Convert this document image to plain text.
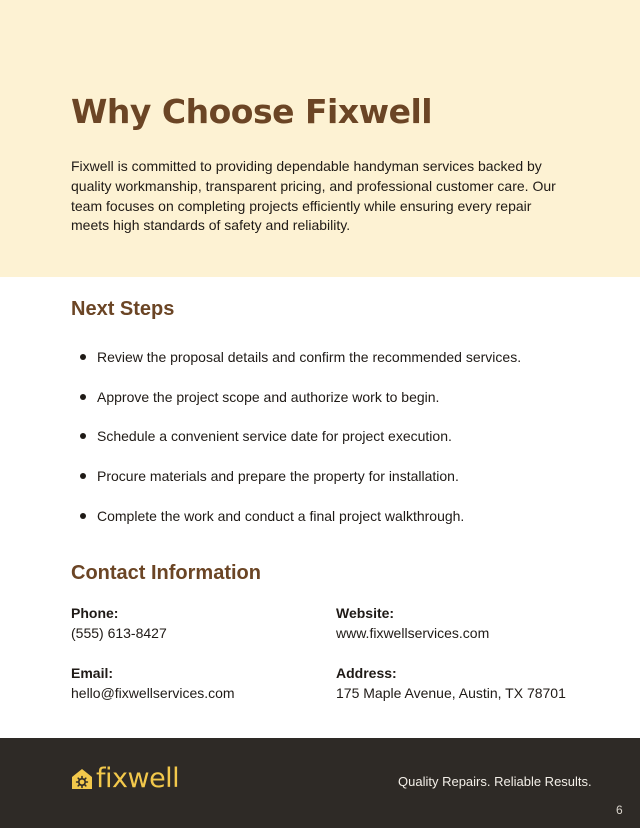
Why Choose Fixwell

Fixwell is committed to providing dependable handyman services backed by quality workmanship, transparent pricing, and professional customer care. Our team focuses on completing projects efficiently while ensuring every repair meets high standards of safety and reliability.

Next Steps
Review the proposal details and confirm the recommended services.
Approve the project scope and authorize work to begin.
Schedule a convenient service date for project execution.
Procure materials and prepare the property for installation.
Complete the work and conduct a final project walkthrough.
Contact Information
Phone:
(555) 613-8427
Website:
www.fixwellservices.com
Email:
hello@fixwellservices.com
Address:
175 Maple Avenue, Austin, TX 78701
fixwell	Quality Repairs. Reliable Results.
6
